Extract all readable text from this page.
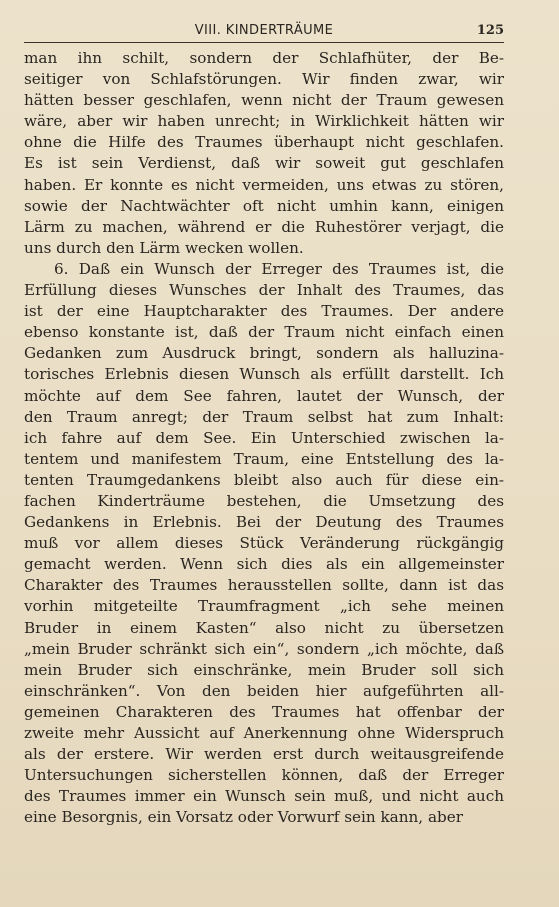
VIII. KINDERTRÄUME	125
man ihn schilt, sondern der Schlafhüter, der Be-
seitiger von Schlafstörungen. Wir finden zwar, wir
hätten besser geschlafen, wenn nicht der Traum gewesen
wäre, aber wir haben unrecht; in Wirklichkeit hätten wir
ohne die Hilfe des Traumes überhaupt nicht geschlafen.
Es ist sein Verdienst, daß wir soweit gut geschlafen
haben. Er konnte es nicht vermeiden, uns etwas zu stören,
sowie der Nachtwächter oft nicht umhin kann, einigen
Lärm zu machen, während er die Ruhestörer verjagt, die
uns durch den Lärm wecken wollen.
6. Daß ein Wunsch der Erreger des Traumes ist, die
Erfüllung dieses Wunsches der Inhalt des Traumes, das
ist der eine Hauptcharakter des Traumes. Der andere
ebenso konstante ist, daß der Traum nicht einfach einen
Gedanken zum Ausdruck bringt, sondern als halluzina-
torisches Erlebnis diesen Wunsch als erfüllt darstellt. Ich
möchte auf dem See fahren, lautet der Wunsch, der
den Traum anregt; der Traum selbst hat zum Inhalt:
ich fahre auf dem See. Ein Unterschied zwischen la-
tentem und manifestem Traum, eine Entstellung des la-
tenten Traumgedankens bleibt also auch für diese ein-
fachen Kinderträume bestehen, die Umsetzung des
Gedankens in Erlebnis. Bei der Deutung des Traumes
muß vor allem dieses Stück Veränderung rückgängig
gemacht werden. Wenn sich dies als ein allgemeinster
Charakter des Traumes herausstellen sollte, dann ist das
vorhin mitgeteilte Traumfragment „ich sehe meinen
Bruder in einem Kasten“ also nicht zu übersetzen
„mein Bruder schränkt sich ein“, sondern „ich möchte, daß
mein Bruder sich einschränke, mein Bruder soll sich
einschränken“. Von den beiden hier aufgeführten all-
gemeinen Charakteren des Traumes hat offenbar der
zweite mehr Aussicht auf Anerkennung ohne Widerspruch
als der erstere. Wir werden erst durch weitausgreifende
Untersuchungen sicherstellen können, daß der Erreger
des Traumes immer ein Wunsch sein muß, und nicht auch
eine Besorgnis, ein Vorsatz oder Vorwurf sein kann, aber
